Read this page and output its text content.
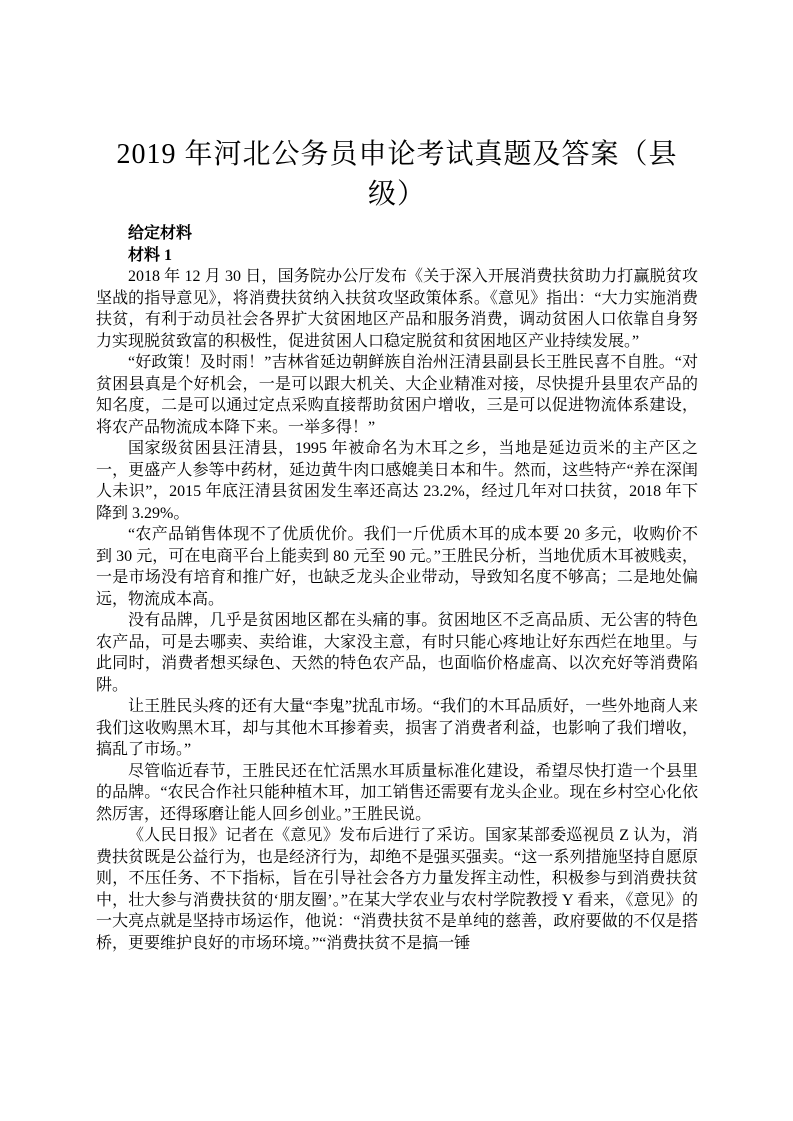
2019 年河北公务员申论考试真题及答案（县
级）

给定材料

材料 1

2018 年 12 月 30 日，国务院办公厅发布《关于深入开展消费扶贫助力打赢脱贫攻坚战的指导意见》，将消费扶贫纳入扶贫攻坚政策体系。《意见》指出：“大力实施消费扶贫，有利于动员社会各界扩大贫困地区产品和服务消费，调动贫困人口依靠自身努力实现脱贫致富的积极性，促进贫困人口稳定脱贫和贫困地区产业持续发展。”

“好政策！及时雨！”吉林省延边朝鲜族自治州汪清县副县长王胜民喜不自胜。“对贫困县真是个好机会，一是可以跟大机关、大企业精准对接，尽快提升县里农产品的知名度，二是可以通过定点采购直接帮助贫困户增收，三是可以促进物流体系建设，将农产品物流成本降下来。一举多得！”

国家级贫困县汪清县，1995 年被命名为木耳之乡，当地是延边贡米的主产区之一，更盛产人参等中药材，延边黄牛肉口感媲美日本和牛。然而，这些特产“养在深闺人未识”，2015 年底汪清县贫困发生率还高达 23.2%，经过几年对口扶贫，2018 年下降到 3.29%。

“农产品销售体现不了优质优价。我们一斤优质木耳的成本要 20 多元，收购价不到 30 元，可在电商平台上能卖到 80 元至 90 元。”王胜民分析，当地优质木耳被贱卖，一是市场没有培育和推广好，也缺乏龙头企业带动，导致知名度不够高；二是地处偏远，物流成本高。

没有品牌，几乎是贫困地区都在头痛的事。贫困地区不乏高品质、无公害的特色农产品，可是去哪卖、卖给谁，大家没主意，有时只能心疼地让好东西烂在地里。与此同时，消费者想买绿色、天然的特色农产品，也面临价格虚高、以次充好等消费陷阱。

让王胜民头疼的还有大量“李鬼”扰乱市场。“我们的木耳品质好，一些外地商人来我们这收购黑木耳，却与其他木耳掺着卖，损害了消费者利益，也影响了我们增收，搞乱了市场。”

尽管临近春节，王胜民还在忙活黑水耳质量标准化建设，希望尽快打造一个县里的品牌。“农民合作社只能种植木耳，加工销售还需要有龙头企业。现在乡村空心化依然厉害，还得琢磨让能人回乡创业。”王胜民说。

《人民日报》记者在《意见》发布后进行了采访。国家某部委巡视员 Z 认为，消费扶贫既是公益行为，也是经济行为，却绝不是强买强卖。“这一系列措施坚持自愿原则，不压任务、不下指标，旨在引导社会各方力量发挥主动性，积极参与到消费扶贫中，壮大参与消费扶贫的‘朋友圈’。”在某大学农业与农村学院教授 Y 看来，《意见》的一大亮点就是坚持市场运作，他说：“消费扶贫不是单纯的慈善，政府要做的不仅是搭桥，更要维护良好的市场环境。”“消费扶贫不是搞一锤
